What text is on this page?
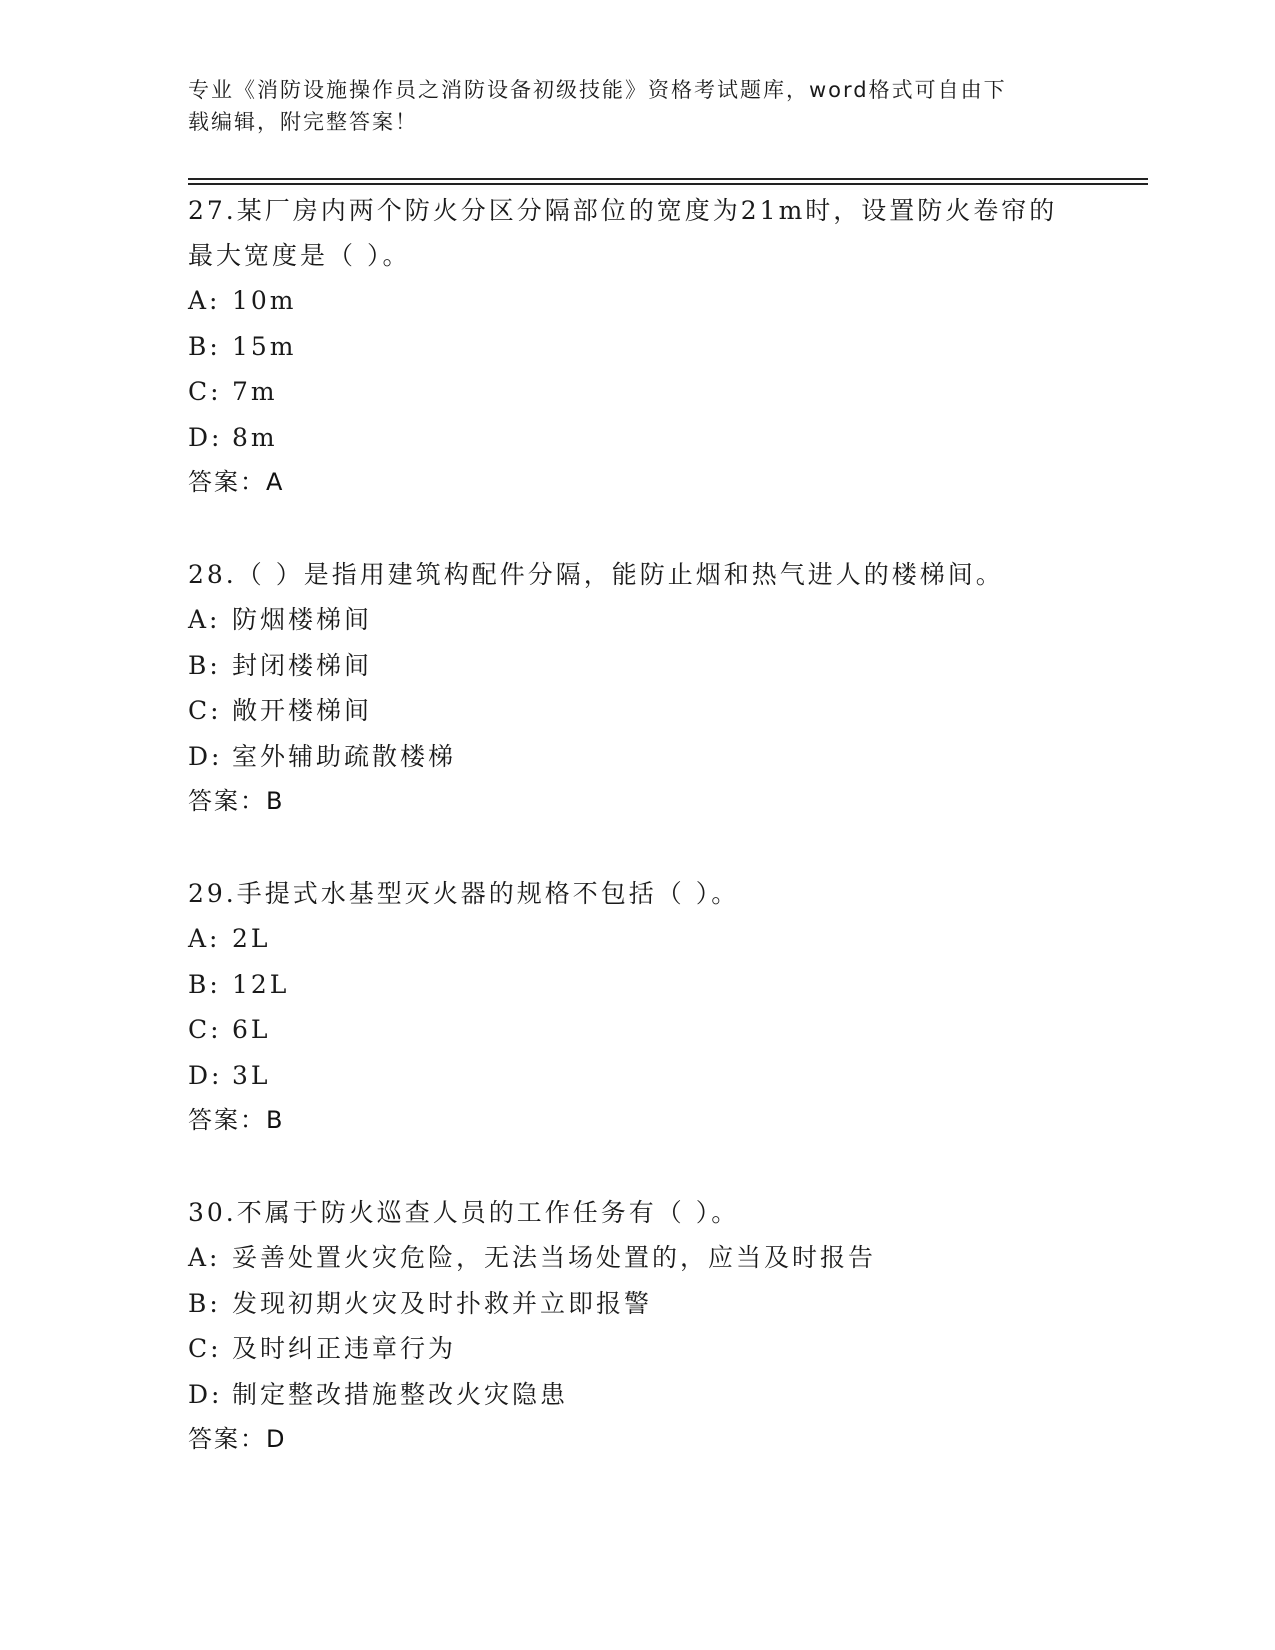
专业《消防设施操作员之消防设备初级技能》资格考试题库，word格式可自由下
载编辑，附完整答案！
27.某厂房内两个防火分区分隔部位的宽度为21m时，设置防火卷帘的
最大宽度是（ ）。
A: 10m
B: 15m
C: 7m
D: 8m
答案：A
28.（ ）是指用建筑构配件分隔，能防止烟和热气进人的楼梯间。
A: 防烟楼梯间
B: 封闭楼梯间
C: 敞开楼梯间
D: 室外辅助疏散楼梯
答案：B
29.手提式水基型灭火器的规格不包括（ ）。
A: 2L
B: 12L
C: 6L
D: 3L
答案：B
30.不属于防火巡查人员的工作任务有（ ）。
A: 妥善处置火灾危险，无法当场处置的，应当及时报告
B: 发现初期火灾及时扑救并立即报警
C: 及时纠正违章行为
D: 制定整改措施整改火灾隐患
答案：D
